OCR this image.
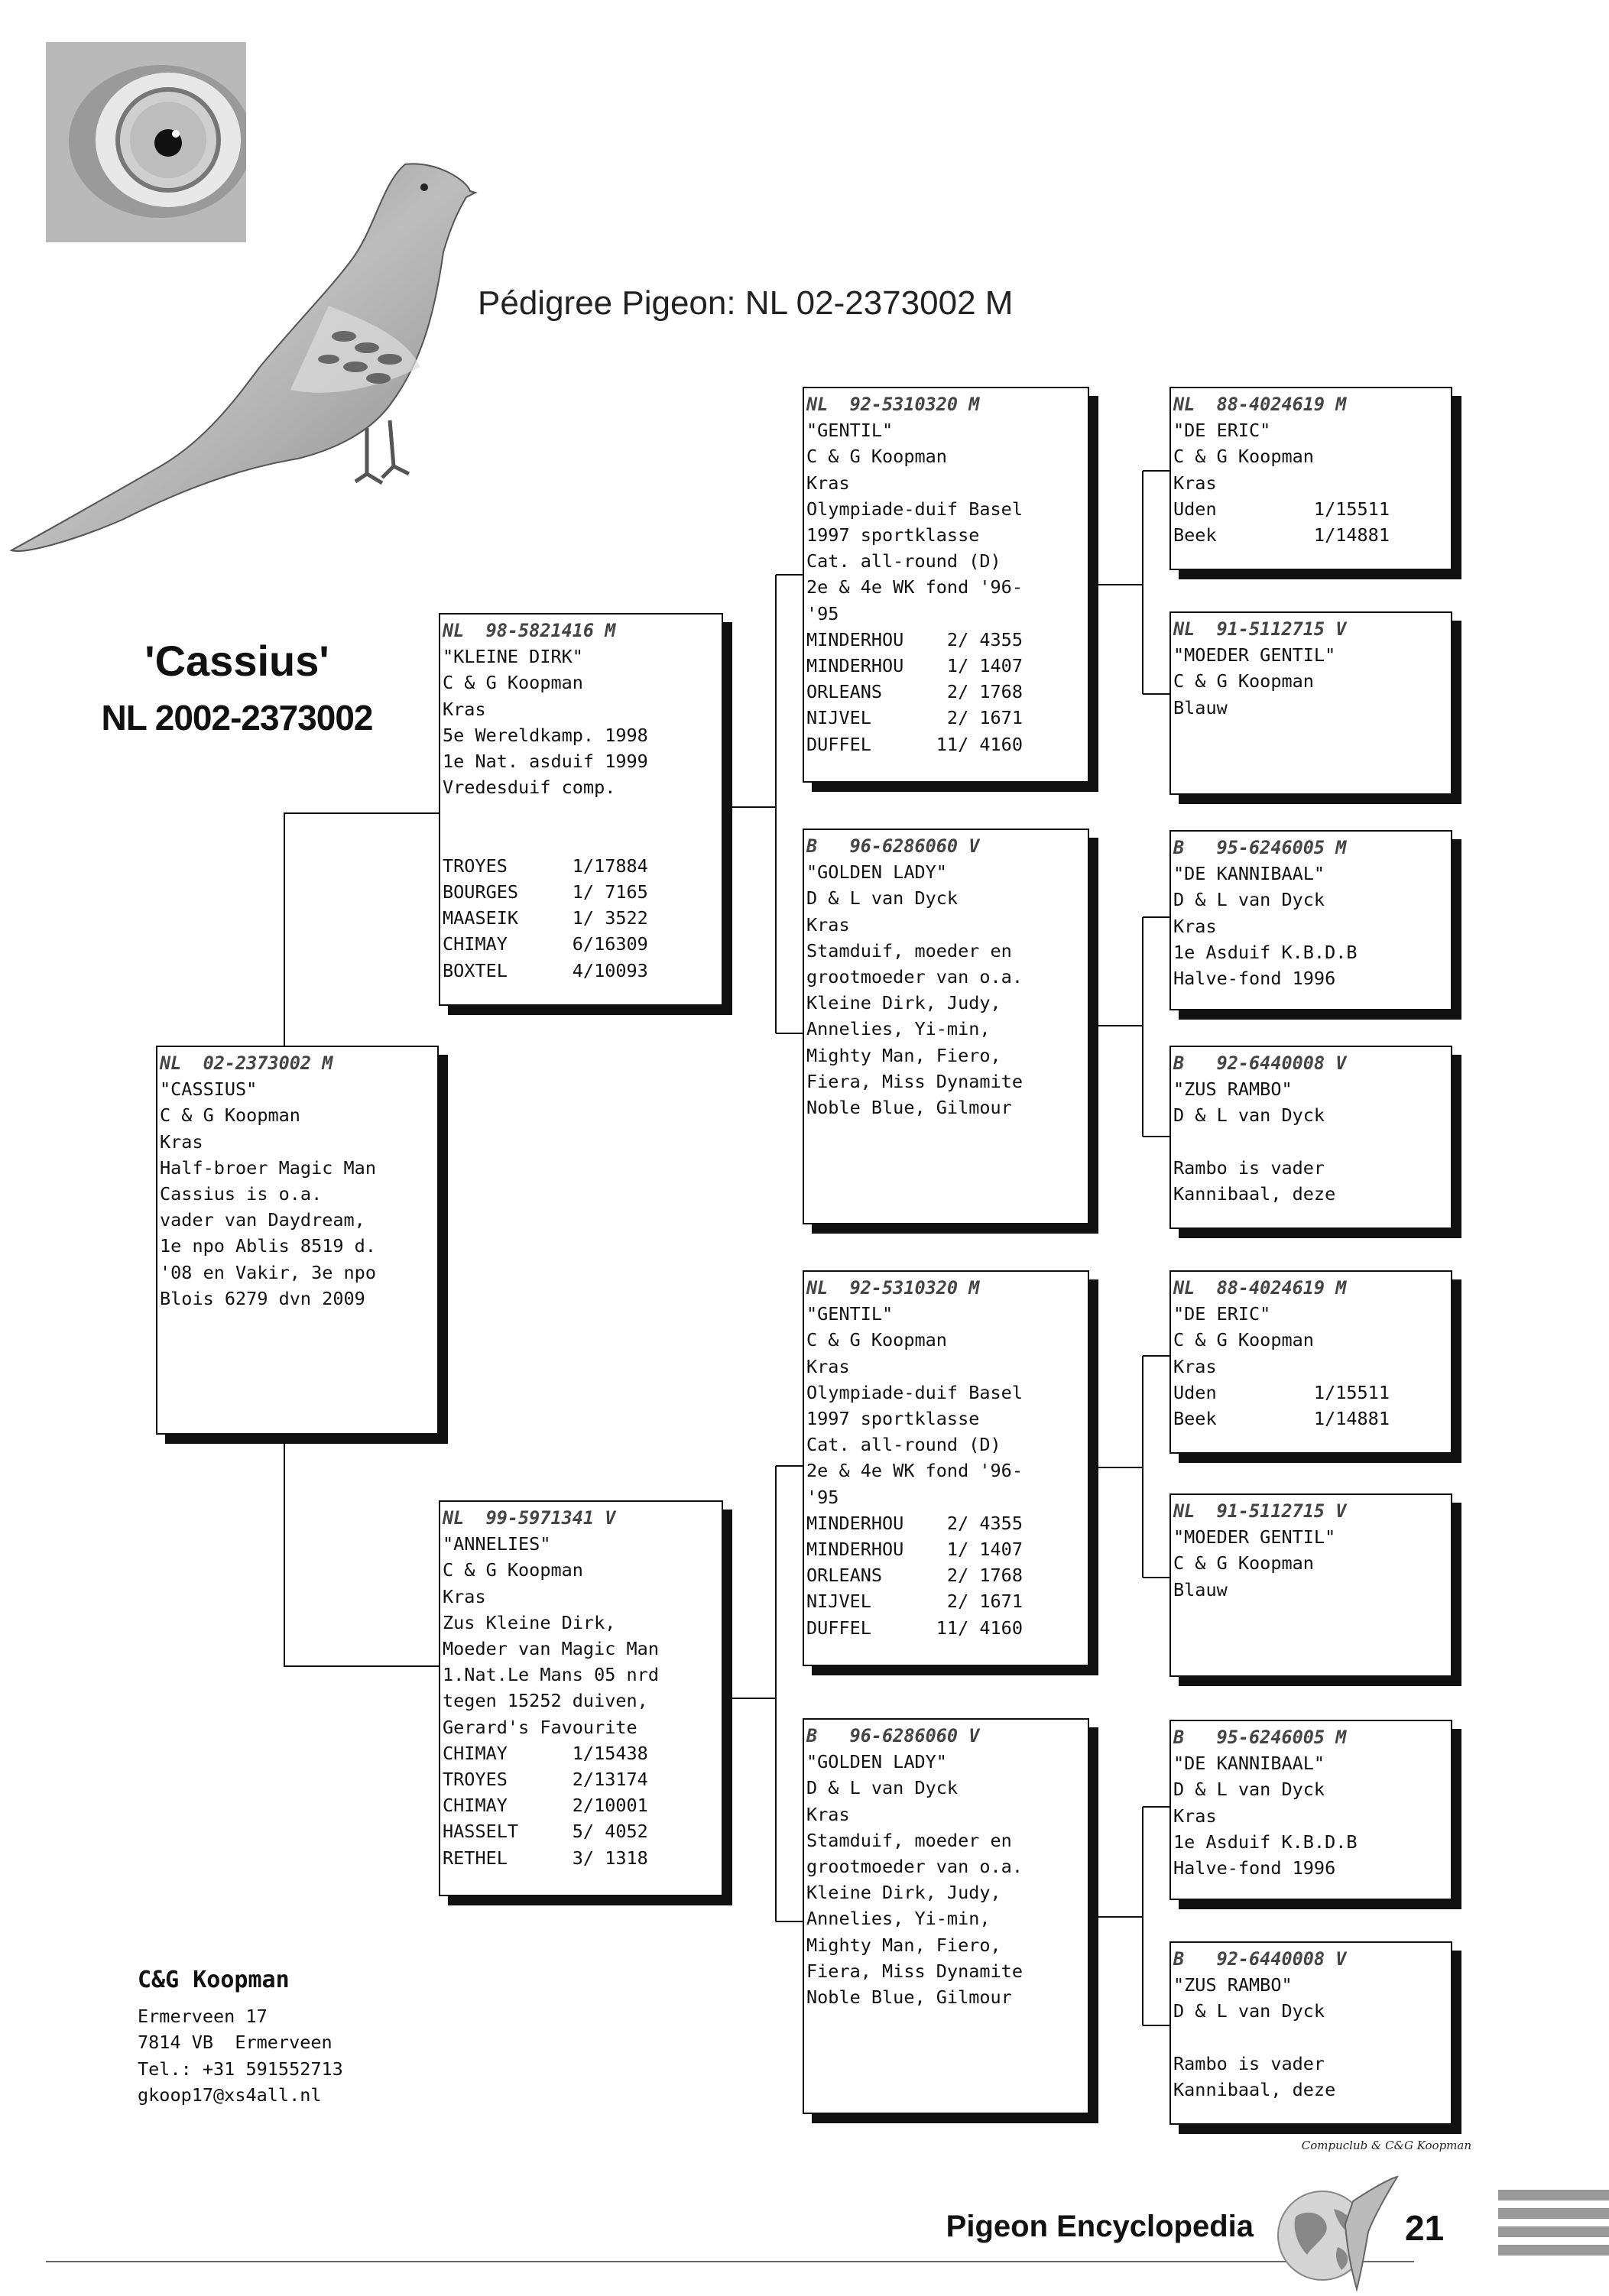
Pédigree Pigeon: NL 02-2373002 M
'Cassius'
NL 2002-2373002
NL  02-2373002 M
"CASSIUS"
C & G Koopman
Kras
Half-broer Magic Man
Cassius is o.a.
vader van Daydream,
1e npo Ablis 8519 d.
'08 en Vakir, 3e npo
Blois 6279 dvn 2009
NL  98-5821416 M
"KLEINE DIRK"
C & G Koopman
Kras
5e Wereldkamp. 1998
1e Nat. asduif 1999
Vredesduif comp.

TROYES      1/17884
BOURGES     1/ 7165
MAASEIK     1/ 3522
CHIMAY      6/16309
BOXTEL      4/10093
NL  99-5971341 V
"ANNELIES"
C & G Koopman
Kras
Zus Kleine Dirk,
Moeder van Magic Man
1.Nat.Le Mans 05 nrd
tegen 15252 duiven,
Gerard's Favourite
CHIMAY      1/15438
TROYES      2/13174
CHIMAY      2/10001
HASSELT     5/ 4052
RETHEL      3/ 1318
NL  92-5310320 M
"GENTIL"
C & G Koopman
Kras
Olympiade-duif Basel
1997 sportklasse
Cat. all-round (D)
2e & 4e WK fond '96-
'95
MINDERHOU    2/ 4355
MINDERHOU    1/ 1407
ORLEANS      2/ 1768
NIJVEL       2/ 1671
DUFFEL      11/ 4160
B   96-6286060 V
"GOLDEN LADY"
D & L van Dyck
Kras
Stamduif, moeder en
grootmoeder van o.a.
Kleine Dirk, Judy,
Annelies, Yi-min,
Mighty Man, Fiero,
Fiera, Miss Dynamite
Noble Blue, Gilmour
NL  92-5310320 M
"GENTIL"
C & G Koopman
Kras
Olympiade-duif Basel
1997 sportklasse
Cat. all-round (D)
2e & 4e WK fond '96-
'95
MINDERHOU    2/ 4355
MINDERHOU    1/ 1407
ORLEANS      2/ 1768
NIJVEL       2/ 1671
DUFFEL      11/ 4160
B   96-6286060 V
"GOLDEN LADY"
D & L van Dyck
Kras
Stamduif, moeder en
grootmoeder van o.a.
Kleine Dirk, Judy,
Annelies, Yi-min,
Mighty Man, Fiero,
Fiera, Miss Dynamite
Noble Blue, Gilmour
NL  88-4024619 M
"DE ERIC"
C & G Koopman
Kras
Uden         1/15511
Beek         1/14881
NL  91-5112715 V
"MOEDER GENTIL"
C & G Koopman
Blauw
B   95-6246005 M
"DE KANNIBAAL"
D & L van Dyck
Kras
1e Asduif K.B.D.B
Halve-fond 1996
B   92-6440008 V
"ZUS RAMBO"
D & L van Dyck

Rambo is vader
Kannibaal, deze
NL  88-4024619 M
"DE ERIC"
C & G Koopman
Kras
Uden         1/15511
Beek         1/14881
NL  91-5112715 V
"MOEDER GENTIL"
C & G Koopman
Blauw
B   95-6246005 M
"DE KANNIBAAL"
D & L van Dyck
Kras
1e Asduif K.B.D.B
Halve-fond 1996
B   92-6440008 V
"ZUS RAMBO"
D & L van Dyck

Rambo is vader
Kannibaal, deze
C&G Koopman
Ermerveen 17
7814 VB  Ermerveen
Tel.: +31 591552713
gkoop17@xs4all.nl
Compuclub & C&G Koopman
Pigeon Encyclopedia	21
